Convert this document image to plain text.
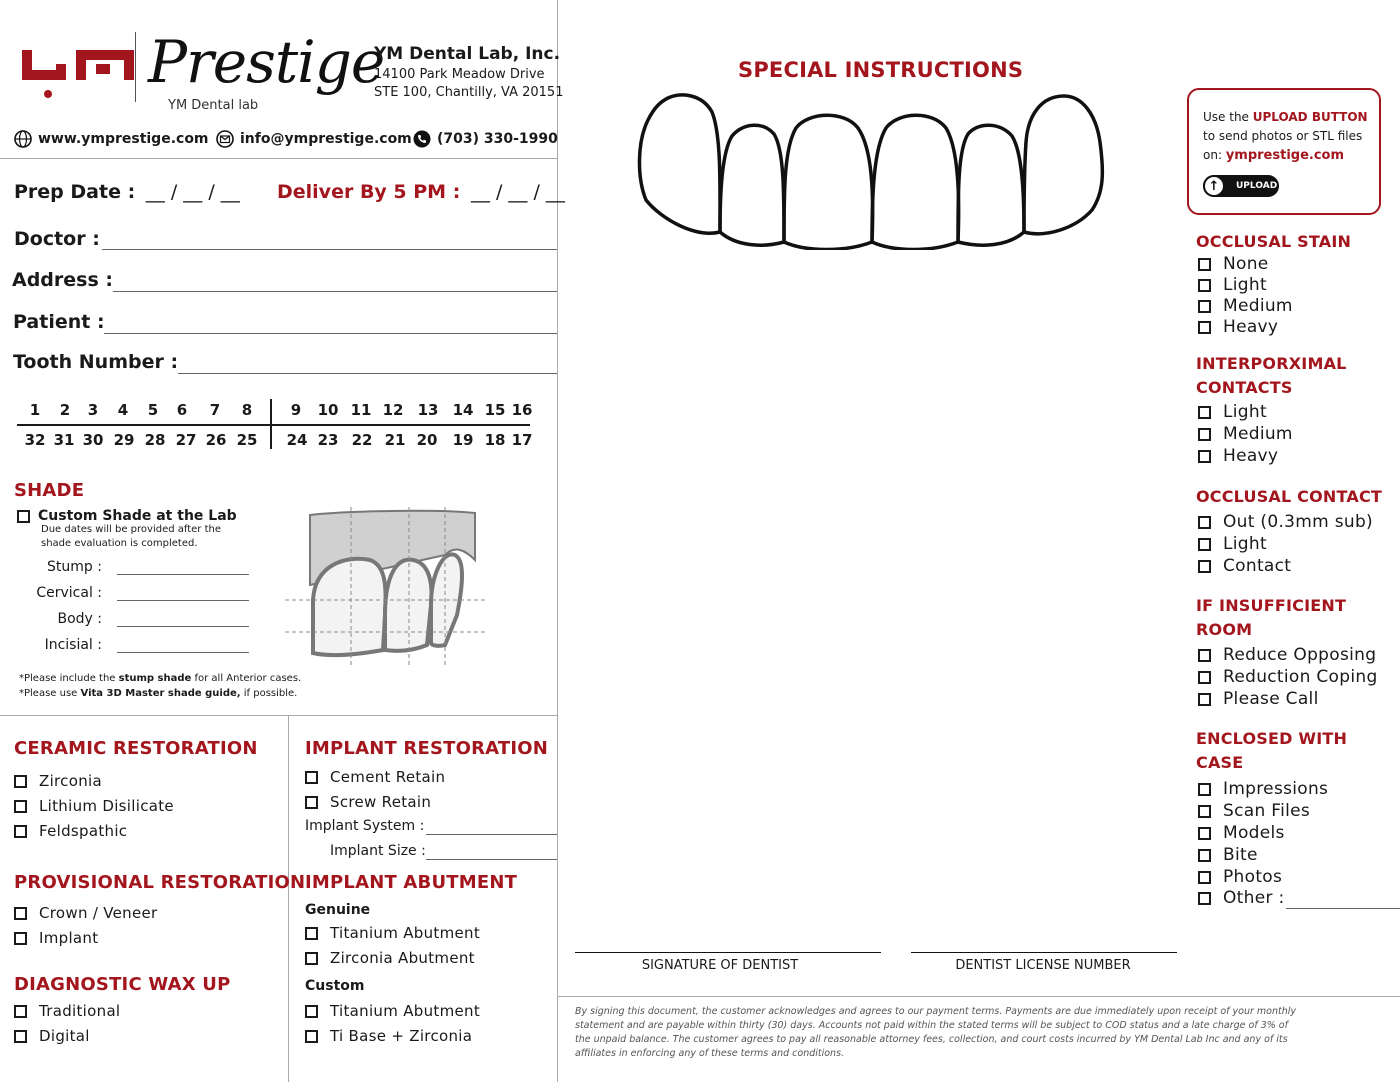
Prestige
YM Dental lab
YM Dental Lab, Inc.
14100 Park Meadow Drive
STE 100, Chantilly, VA 20151
www.ymprestige.com info@ymprestige.com (703) 330-1990
Prep Date : __ / __ / __ Deliver By 5 PM : __ / __ / __
Doctor :
Address :
Patient :
Tooth Number :
1	2	3	4	5	6	7	8	9	10 11 12 13 14 15 16
32 31 30 29 28 27 26 25 24 23 22 21 20 19 18 17
SHADE
Custom Shade at the Lab
Due dates will be provided after the
shade evaluation is completed.
Stump :
Cervical :
Body :
Incisial :
*Please include the stump shade for all Anterior cases.
*Please use Vita 3D Master shade guide, if possible.
CERAMIC RESTORATION
Zirconia
Lithium Disilicate
Feldspathic
PROVISIONAL RESTORATION
Crown / Veneer
Implant
DIAGNOSTIC WAX UP
Traditional
Digital
IMPLANT RESTORATION
Cement Retain
Screw Retain
Implant System :
Implant Size :
IMPLANT ABUTMENT
Genuine
Titanium Abutment
Zirconia Abutment
Custom
Titanium Abutment
Ti Base + Zirconia
SPECIAL INSTRUCTIONS
Use the UPLOAD BUTTON
to send photos or STL files
on: ymprestige.com
↑	UPLOAD
OCCLUSAL STAIN
None
Light
Medium
Heavy
INTERPORXIMAL
CONTACTS
Light
Medium
Heavy
OCCLUSAL CONTACT
Out (0.3mm sub)
Light
Contact
IF INSUFFICIENT
ROOM
Reduce Opposing
Reduction Coping
Please Call
ENCLOSED WITH
CASE
Impressions
Scan Files
Models
Bite
Photos
Other :
SIGNATURE OF DENTIST	DENTIST LICENSE NUMBER
By signing this document, the customer acknowledges and agrees to our payment terms. Payments are due immediately upon receipt of your monthly
statement and are payable within thirty (30) days. Accounts not paid within the stated terms will be subject to COD status and a late charge of 3% of
the unpaid balance. The customer agrees to pay all reasonable attorney fees, collection, and court costs incurred by YM Dental Lab Inc and any of its
affiliates in enforcing any of these terms and conditions.
